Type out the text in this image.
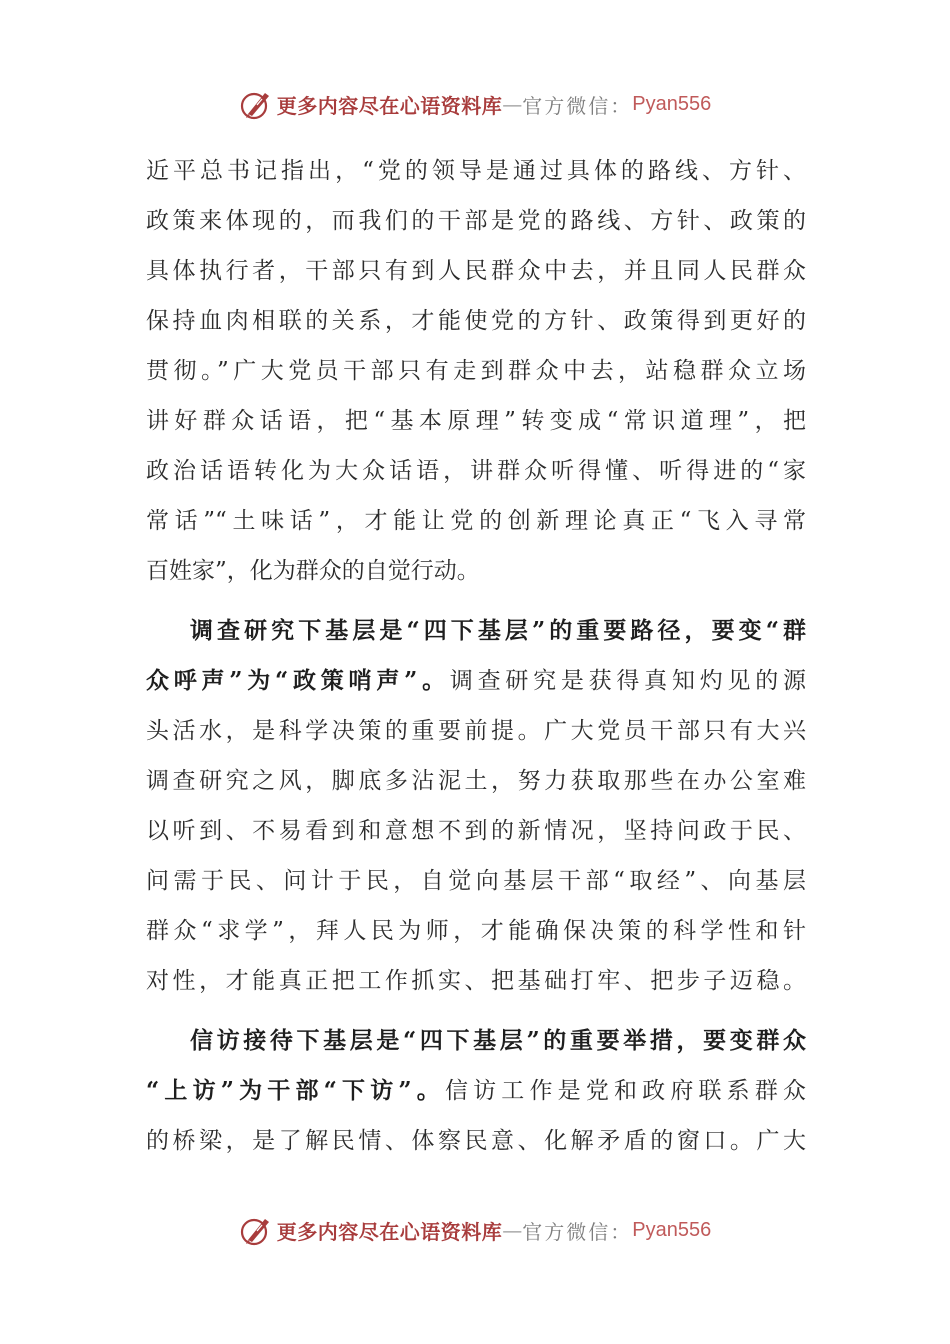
更多内容尽在心语资料库 — 官方微信： Pyan556
近平总书记指出，“党的领导是通过具体的路线、方针、
政策来体现的，而我们的干部是党的路线、方针、政策的
具体执行者，干部只有到人民群众中去，并且同人民群众
保持血肉相联的关系，才能使党的方针、政策得到更好的
贯彻。”广大党员干部只有走到群众中去，站稳群众立场
讲好群众话语，把“基本原理”转变成“常识道理”，把
政治话语转化为大众话语，讲群众听得懂、听得进的“家
常话”“土味话”，才能让党的创新理论真正“飞入寻常
百姓家”，化为群众的自觉行动。
调查研究下基层是“四下基层”的重要路径，要变“群
众呼声”为“政策哨声”。调查研究是获得真知灼见的源
头活水，是科学决策的重要前提。广大党员干部只有大兴
调查研究之风，脚底多沾泥土，努力获取那些在办公室难
以听到、不易看到和意想不到的新情况，坚持问政于民、
问需于民、问计于民，自觉向基层干部“取经”、向基层
群众“求学”，拜人民为师，才能确保决策的科学性和针
对性，才能真正把工作抓实、把基础打牢、把步子迈稳。
信访接待下基层是“四下基层”的重要举措，要变群众
“上访”为干部“下访”。信访工作是党和政府联系群众
的桥梁，是了解民情、体察民意、化解矛盾的窗口。广大
更多内容尽在心语资料库 — 官方微信： Pyan556
